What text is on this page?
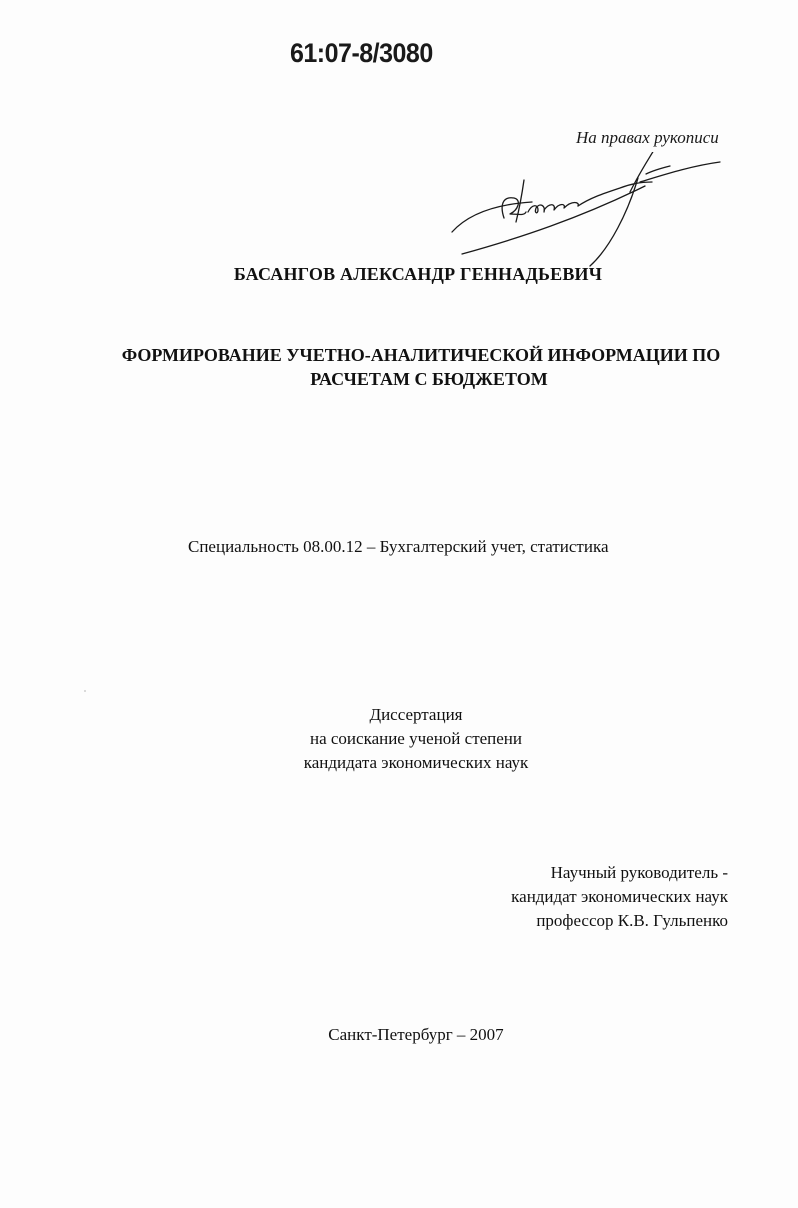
61:07-8/3080
На правах рукописи
БАСАНГОВ АЛЕКСАНДР ГЕННАДЬЕВИЧ
ФОРМИРОВАНИЕ УЧЕТНО-АНАЛИТИЧЕСКОЙ ИНФОРМАЦИИ ПО
РАСЧЕТАМ С БЮДЖЕТОМ
Специальность 08.00.12 – Бухгалтерский учет, статистика
Диссертация
на соискание ученой степени
кандидата экономических наук
Научный руководитель -
кандидат экономических наук
профессор К.В. Гульпенко
Санкт-Петербург – 2007
